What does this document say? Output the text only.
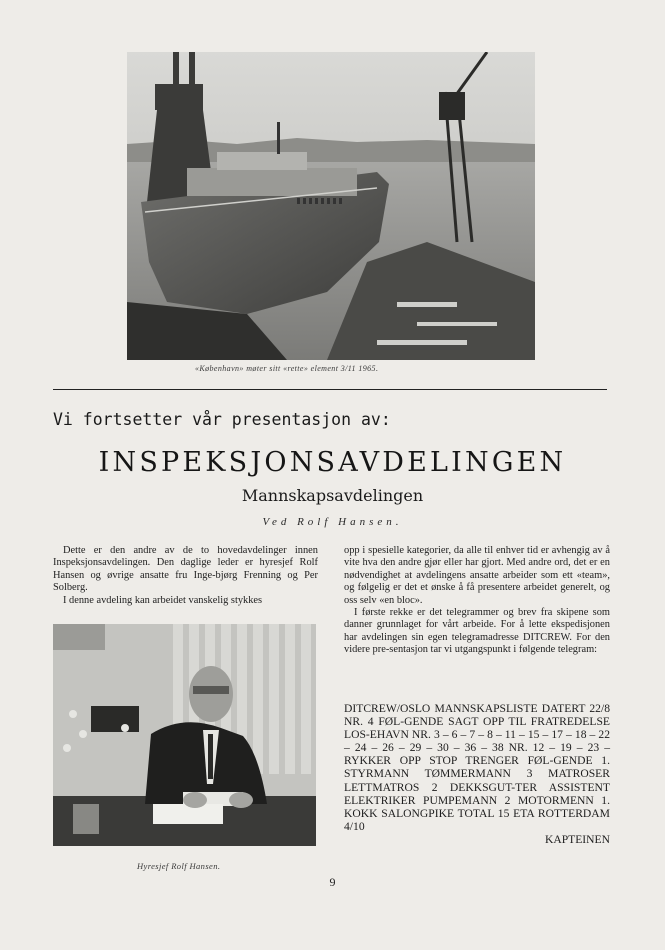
«København» møter sitt «rette» element 3/11 1965.
Vi fortsetter vår presentasjon av:
INSPEKSJONSAVDELINGEN
Mannskapsavdelingen
Ved Rolf Hansen.

Dette er den andre av de to hovedavdelinger innen Inspeksjonsavdelingen. Den daglige leder er hyresjef Rolf Hansen og øvrige ansatte fru Inge-bjørg Frenning og Per Solberg.

I denne avdeling kan arbeidet vanskelig stykkes

Hyresjef Rolf Hansen.

opp i spesielle kategorier, da alle til enhver tid er avhengig av å vite hva den andre gjør eller har gjort. Med andre ord, det er en nødvendighet at avdelingens ansatte arbeider som ett «team», og følgelig er det et ønske å få presentere arbeidet generelt, og oss selv «en bloc».

I første rekke er det telegrammer og brev fra skipene som danner grunnlaget for vårt arbeide. For å lette ekspedisjonen har avdelingen sin egen telegramadresse DITCREW. For den videre pre-sentasjon tar vi utgangspunkt i følgende telegram:

DITCREW/OSLO MANNSKAPSLISTE DATERT 22/8 NR. 4 FØL-GENDE SAGT OPP TIL FRATREDELSE LOS-EHAVN NR. 3 – 6 – 7 – 8 – 11 – 15 – 17 – 18 – 22 – 24 – 26 – 29 – 30 – 36 – 38 NR. 12 – 19 – 23 – RYKKER OPP STOP TRENGER FØL-GENDE 1. STYRMANN TØMMERMANN 3 MATROSER LETTMATROS 2 DEKKSGUT-TER ASSISTENT ELEKTRIKER PUMPEMANN 2 MOTORMENN 1. KOKK SALONGPIKE TOTAL 15 ETA ROTTERDAM 4/10
KAPTEINEN
9
